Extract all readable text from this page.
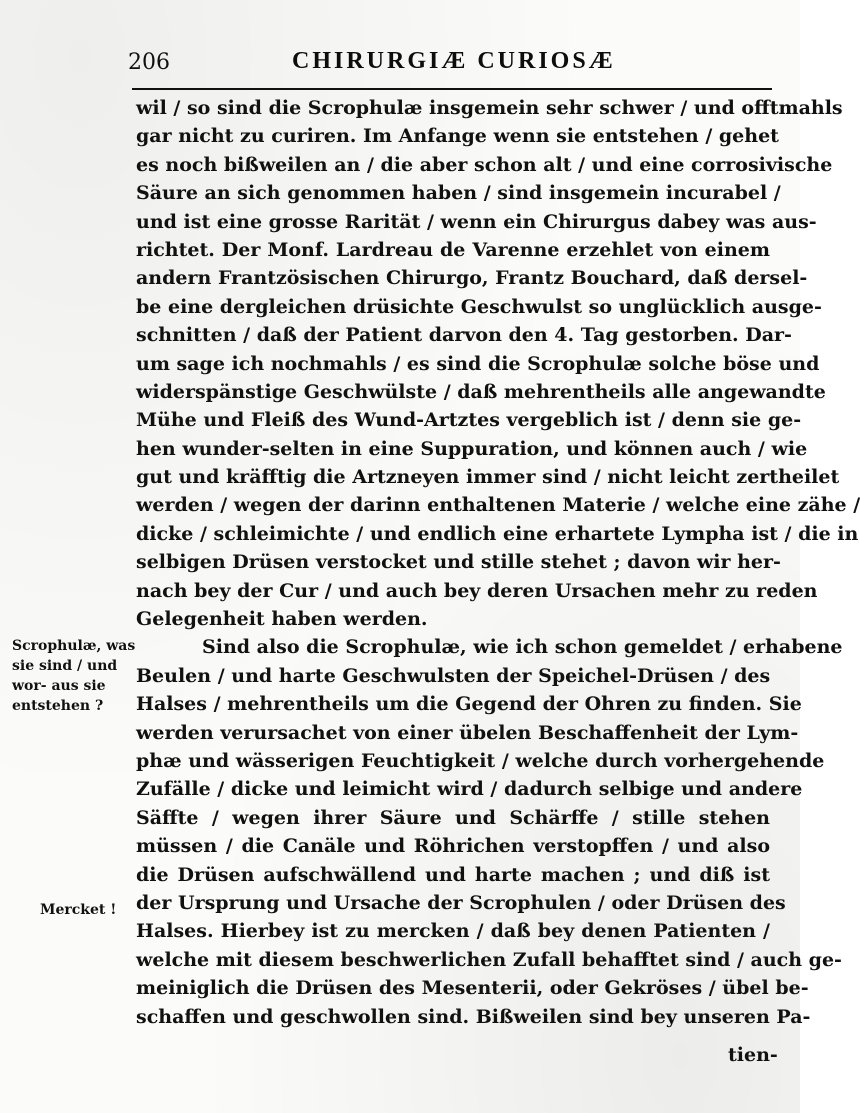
206	CHIRURGIÆ CURIOSÆ
wil / so sind die Scrophulæ insgemein sehr schwer / und offtmahls
gar nicht zu curiren. Im Anfange wenn sie entstehen / gehet
es noch bißweilen an / die aber schon alt / und eine corrosivische
Säure an sich genommen haben / sind insgemein incurabel /
und ist eine grosse Rarität / wenn ein Chirurgus dabey was aus-
richtet. Der Monf. Lardreau de Varenne erzehlet von einem
andern Frantzösischen Chirurgo, Frantz Bouchard, daß dersel-
be eine dergleichen drüsichte Geschwulst so unglücklich ausge-
schnitten / daß der Patient darvon den 4. Tag gestorben. Dar-
um sage ich nochmahls / es sind die Scrophulæ solche böse und
widerspänstige Geschwülste / daß mehrentheils alle angewandte
Mühe und Fleiß des Wund-Artztes vergeblich ist / denn sie ge-
hen wunder-selten in eine Suppuration, und können auch / wie
gut und kräfftig die Artzneyen immer sind / nicht leicht zertheilet
werden / wegen der darinn enthaltenen Materie / welche eine zähe /
dicke / schleimichte / und endlich eine erhartete Lympha ist / die in
selbigen Drüsen verstocket und stille stehet ; davon wir her-
nach bey der Cur / und auch bey deren Ursachen mehr zu reden
Gelegenheit haben werden.
Sind also die Scrophulæ, wie ich schon gemeldet / erhabene
Beulen / und harte Geschwulsten der Speichel-Drüsen / des
Halses / mehrentheils um die Gegend der Ohren zu finden. Sie
werden verursachet von einer übelen Beschaffenheit der Lym-
phæ und wässerigen Feuchtigkeit / welche durch vorhergehende
Zufälle / dicke und leimicht wird / dadurch selbige und andere
Säffte / wegen ihrer Säure und Schärffe / stille stehen
müssen / die Canäle und Röhrichen verstopffen / und also
die Drüsen aufschwällend und harte machen ; und diß ist
der Ursprung und Ursache der Scrophulen / oder Drüsen des
Halses. Hierbey ist zu mercken / daß bey denen Patienten /
welche mit diesem beschwerlichen Zufall behafftet sind / auch ge-
meiniglich die Drüsen des Mesenterii, oder Gekröses / übel be-
schaffen und geschwollen sind. Bißweilen sind bey unseren Pa-
Scrophulæ, was sie sind / und wor- aus sie entstehen ?
Mercket !
tien-
